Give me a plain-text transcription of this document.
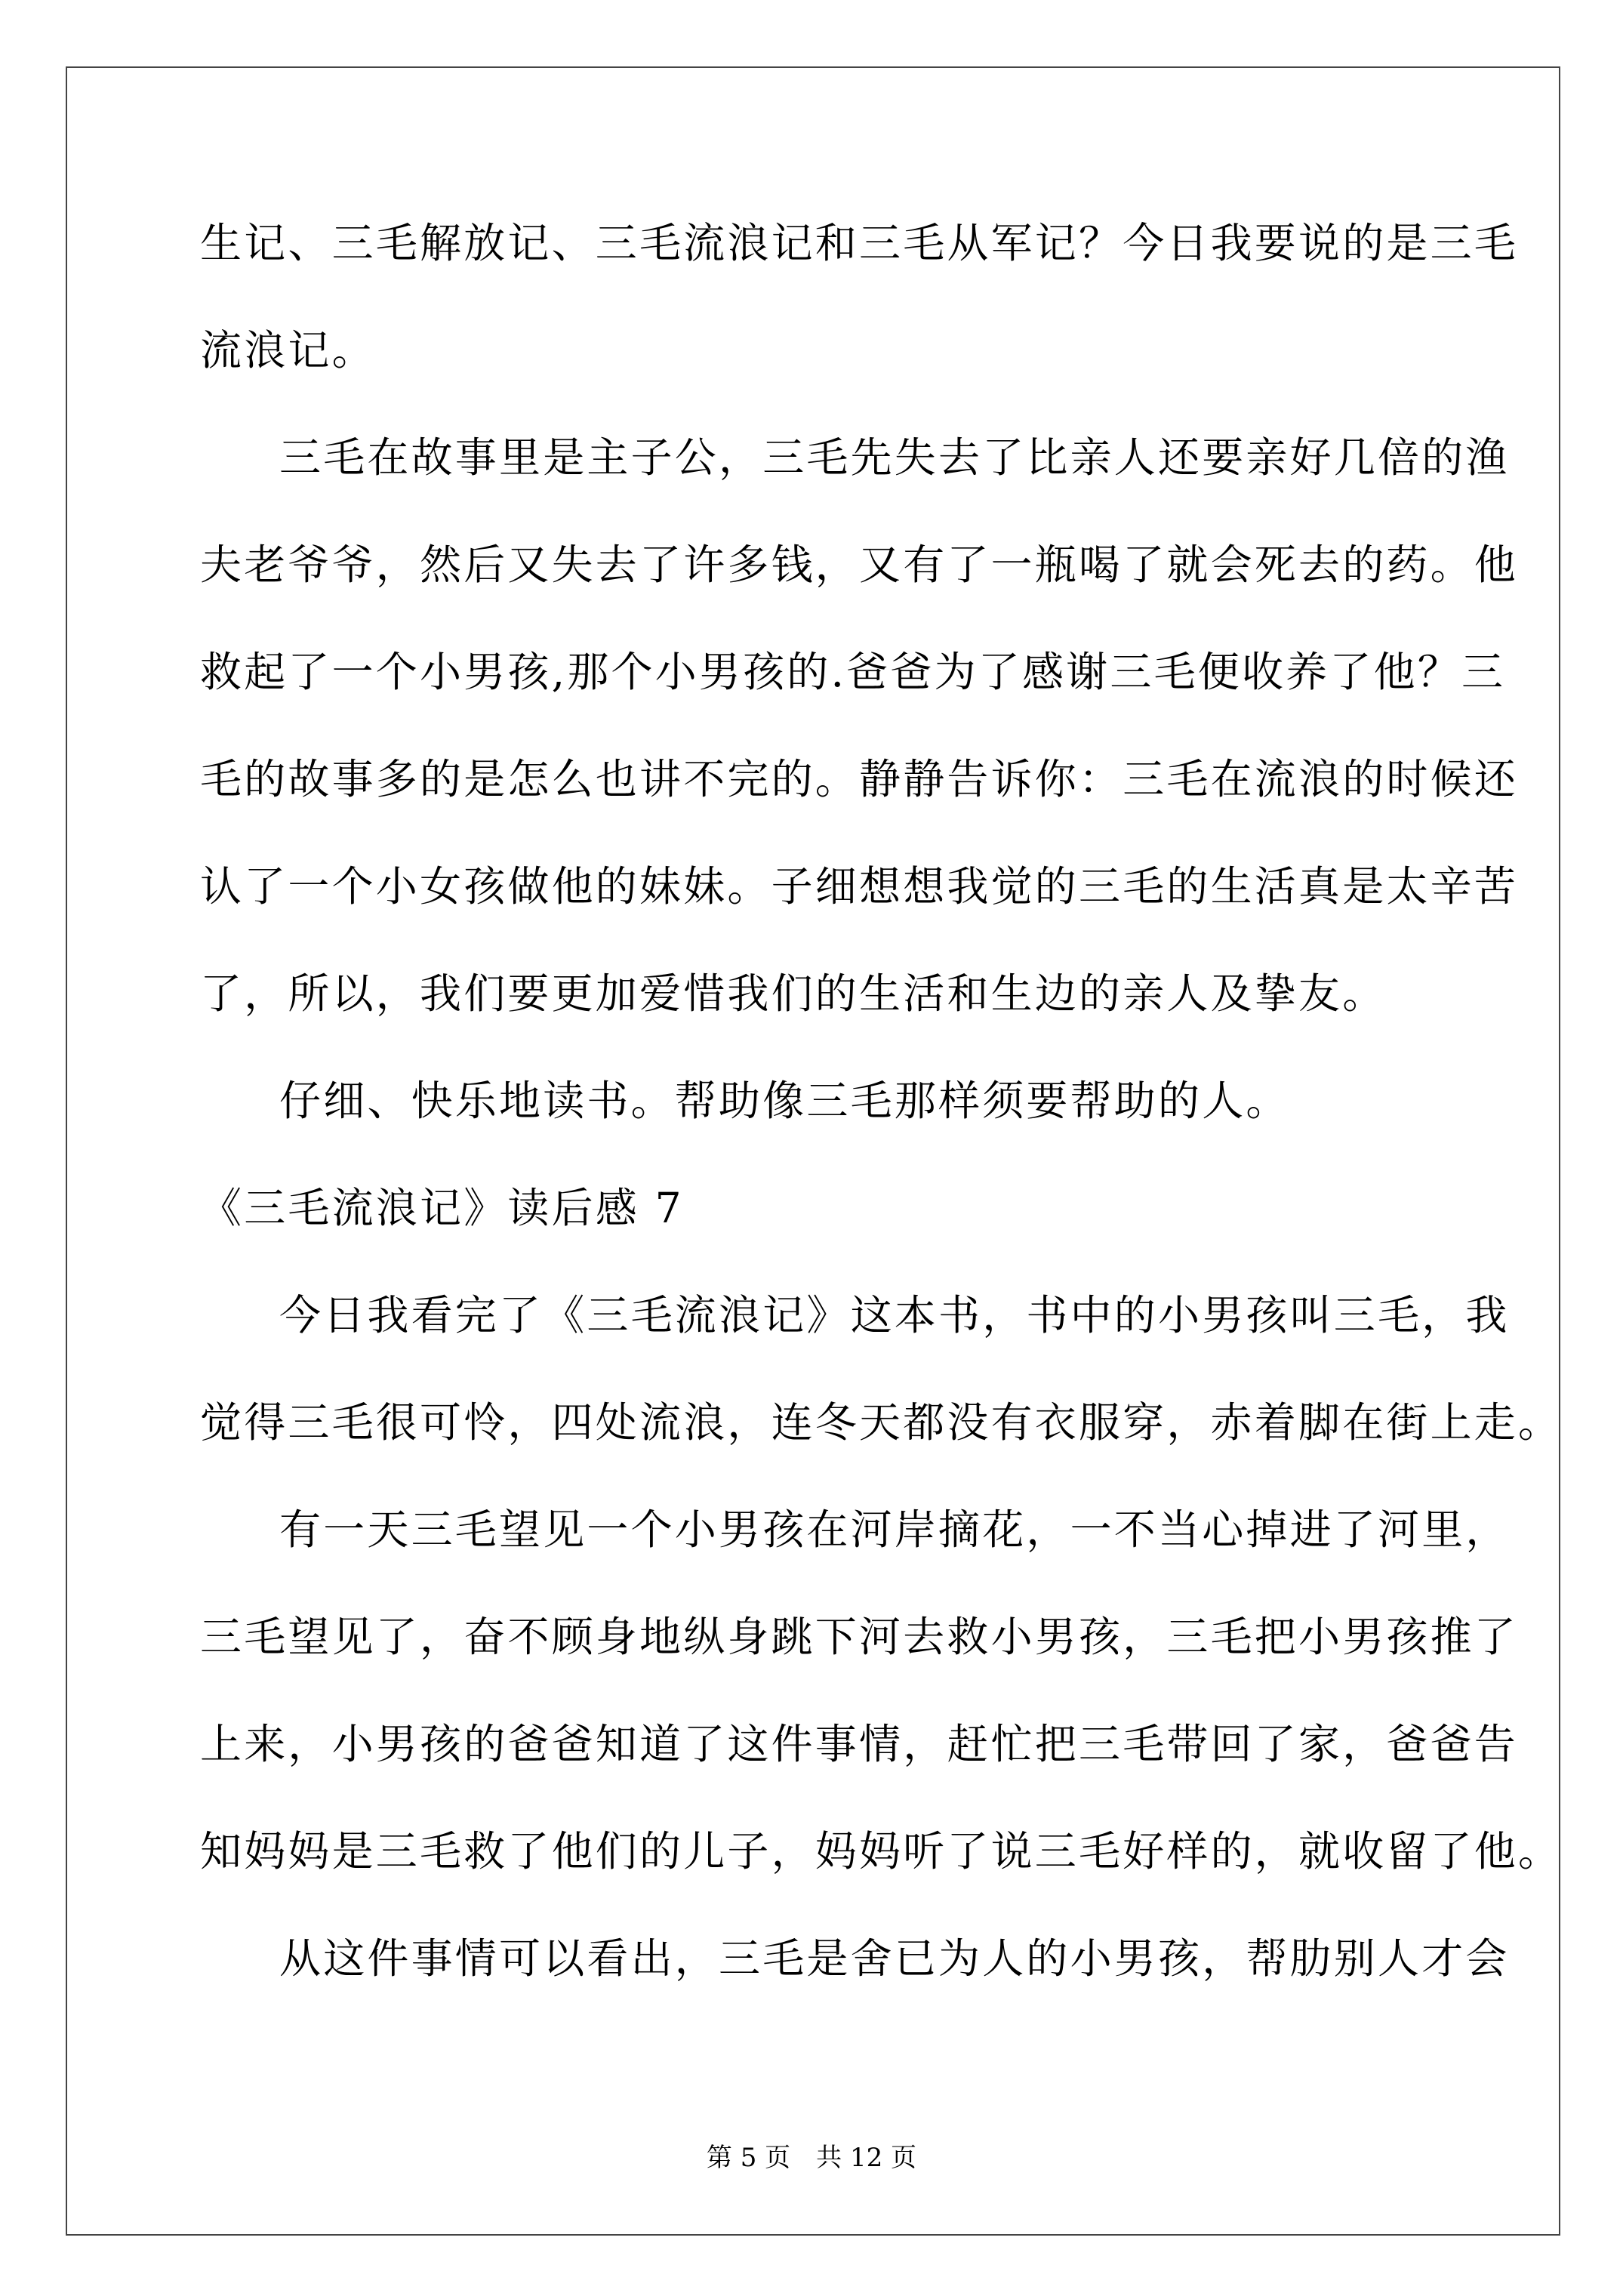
生记、三毛解放记、三毛流浪记和三毛从军记？今日我要说的是三毛
流浪记。
三毛在故事里是主子公，三毛先失去了比亲人还要亲好几倍的渔
夫老爷爷，然后又失去了许多钱，又有了一瓶喝了就会死去的药。他
救起了一个小男孩,那个小男孩的.爸爸为了感谢三毛便收养了他？三
毛的故事多的是怎么也讲不完的。静静告诉你：三毛在流浪的时候还
认了一个小女孩做他的妹妹。子细想想我觉的三毛的生活真是太辛苦
了，所以，我们要更加爱惜我们的生活和生边的亲人及挚友。
仔细、快乐地读书。帮助像三毛那样须要帮助的人。
《三毛流浪记》读后感 7
今日我看完了《三毛流浪记》这本书，书中的小男孩叫三毛，我
觉得三毛很可怜，四处流浪，连冬天都没有衣服穿，赤着脚在街上走。
有一天三毛望见一个小男孩在河岸摘花，一不当心掉进了河里，
三毛望见了，奋不顾身地纵身跳下河去救小男孩，三毛把小男孩推了
上来，小男孩的爸爸知道了这件事情，赶忙把三毛带回了家，爸爸告
知妈妈是三毛救了他们的儿子，妈妈听了说三毛好样的，就收留了他。
从这件事情可以看出，三毛是舍已为人的小男孩，帮肋别人才会
第 5 页　共 12 页
